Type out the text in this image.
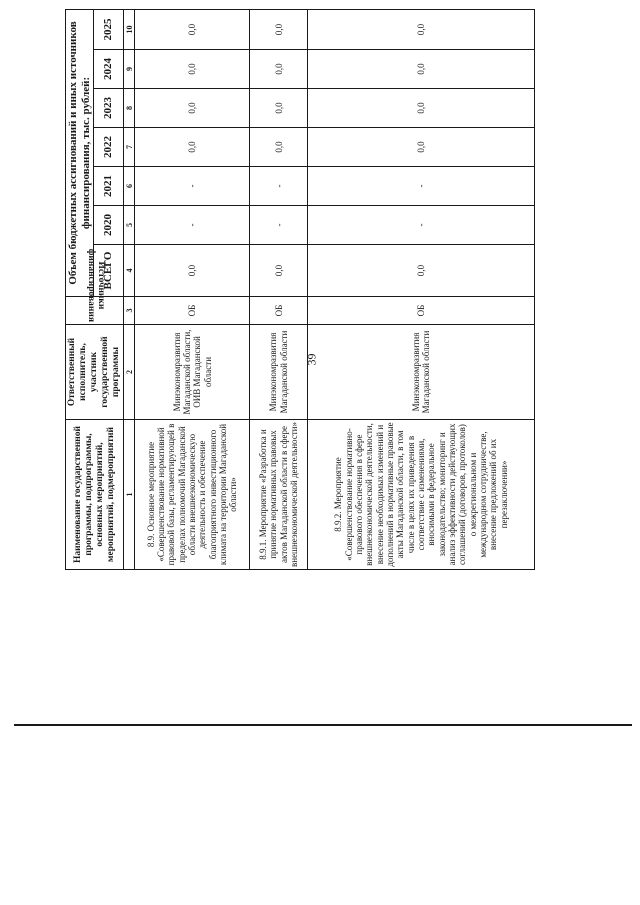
39
Наименование государственной программы, подпрограммы, основных мероприятий, мероприятий, подмероприятий	Ответственный исполнитель, участник государственной программы	Источники финансирования	Объем бюджетных ассигнований и иных источников финансирования, тыс. рублей:						
			ВСЕГО	2020	2021	2022	2023	2024	2025
1	2	3	4	5	6	7	8	9	10
8.9. Основное мероприятие «Совершенствование нормативной правовой базы, регламентирующей в пределах полномочий Магаданской области внешнеэкономическую деятельность и обеспечение благоприятного инвестиционного климата на территории Магаданской области»	Минэкономразвития Магаданской области, ОИВ Магаданской области	ОБ	0,0	-	-	0,0	0,0	0,0	0,0
8.9.1. Мероприятие «Разработка и принятие нормативных правовых актов Магаданской области в сфере внешнеэкономической деятельности»	Минэкономразвития Магаданской области	ОБ	0,0	-	-	0,0	0,0	0,0	0,0
8.9.2. Мероприятие «Совершенствование нормативно-правового обеспечения в сфере внешнеэкономической деятельности, внесение необходимых изменений и дополнений в нормативные правовые акты Магаданской области, в том числе в целях их приведения в соответствие с изменениями, вносимыми в федеральное законодательство; мониторинг и анализ эффективности действующих соглашений (договоров, протоколов) о межрегиональном и международном сотрудничестве, внесение предложений об их перезаключении»	Минэкономразвития Магаданской области	ОБ	0,0	-	-	0,0	0,0	0,0	0,0
